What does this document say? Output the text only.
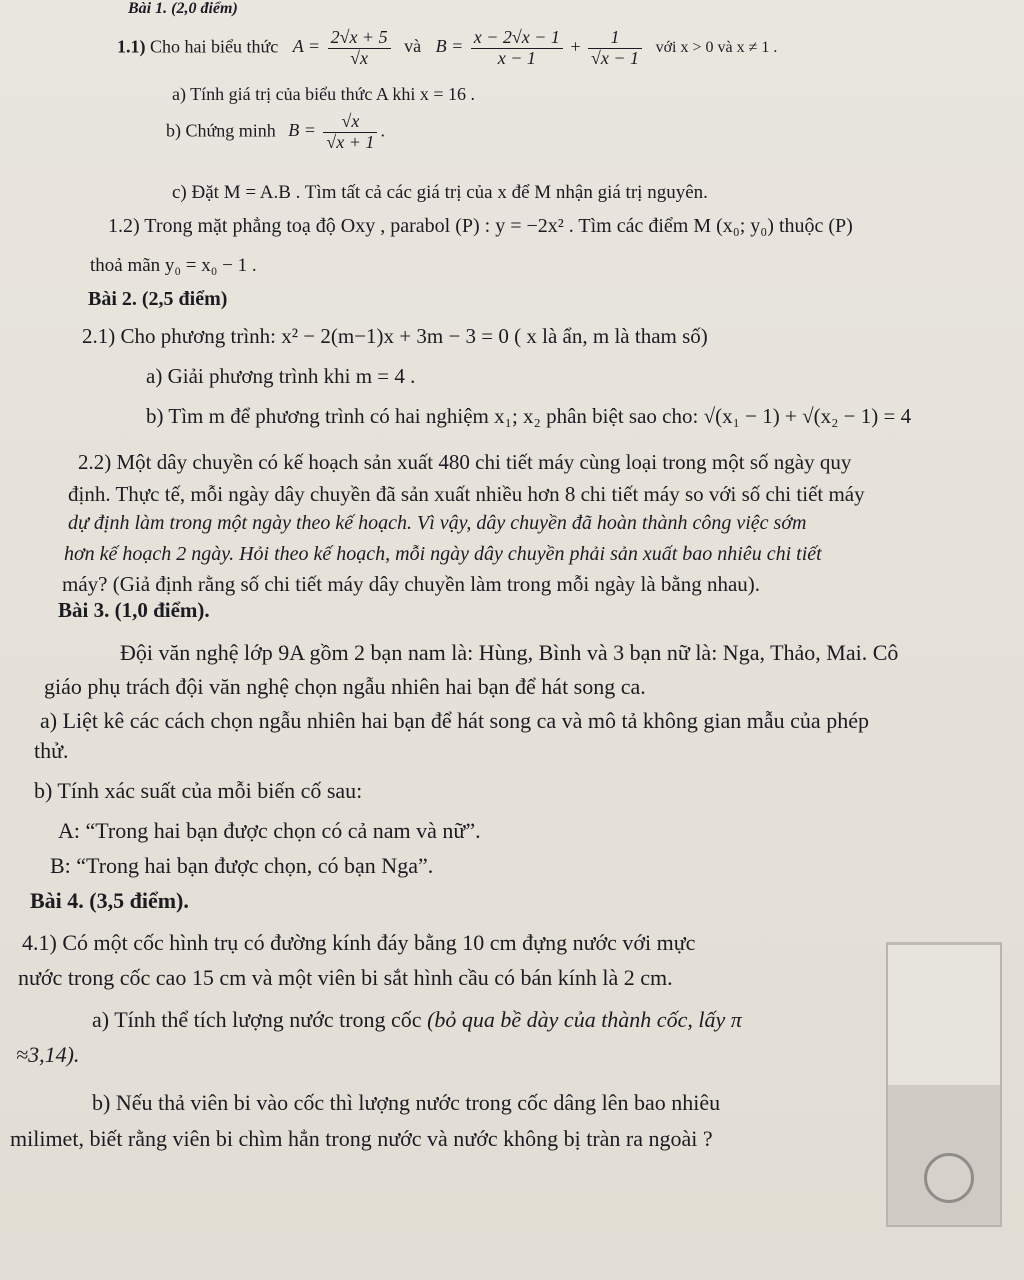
Bài 1. (2,0 điểm)
1.1) Cho hai biểu thức $A = \frac{2√x + 5}{√x}$ và $B = \frac{x - 2√x - 1}{x - 1} + \frac{1}{√x - 1}$ với x > 0 và x ≠ 1 .
a) Tính giá trị của biểu thức A khi x = 16 .
b) Chứng minh $B = \frac{√x}{√x + 1}$ .
c) Đặt M = A.B . Tìm tất cả các giá trị của x để M nhận giá trị nguyên.
1.2) Trong mặt phẳng toạ độ Oxy , parabol (P) : y = −2x² . Tìm các điểm M (x₀; y₀) thuộc (P)
thoả mãn y₀ = x₀ − 1 .
Bài 2. (2,5 điểm)
2.1) Cho phương trình: x² − 2(m−1)x + 3m − 3 = 0 ( x là ẩn, m là tham số)
a) Giải phương trình khi m = 4 .
b) Tìm m để phương trình có hai nghiệm x₁; x₂ phân biệt sao cho: √(x₁ − 1) + √(x₂ − 1) = 4
2.2) Một dây chuyền có kế hoạch sản xuất 480 chi tiết máy cùng loại trong một số ngày quy
định. Thực tế, mỗi ngày dây chuyền đã sản xuất nhiều hơn 8 chi tiết máy so với số chi tiết máy
dự định làm trong một ngày theo kế hoạch. Vì vậy, dây chuyền đã hoàn thành công việc sớm
hơn kế hoạch 2 ngày. Hỏi theo kế hoạch, mỗi ngày dây chuyền phải sản xuất bao nhiêu chi tiết
máy? (Giả định rằng số chi tiết máy dây chuyền làm trong mỗi ngày là bằng nhau).
Bài 3. (1,0 điểm).
Đội văn nghệ lớp 9A gồm 2 bạn nam là: Hùng, Bình và 3 bạn nữ là: Nga, Thảo, Mai. Cô
giáo phụ trách đội văn nghệ chọn ngẫu nhiên hai bạn để hát song ca.
a) Liệt kê các cách chọn ngẫu nhiên hai bạn để hát song ca và mô tả không gian mẫu của phép
thử.
b) Tính xác suất của mỗi biến cố sau:
A: “Trong hai bạn được chọn có cả nam và nữ”.
B: “Trong hai bạn được chọn, có bạn Nga”.
Bài 4. (3,5 điểm).
4.1) Có một cốc hình trụ có đường kính đáy bằng 10 cm đựng nước với mực
nước trong cốc cao 15 cm và một viên bi sắt hình cầu có bán kính là 2 cm.
a) Tính thể tích lượng nước trong cốc (bỏ qua bề dày của thành cốc, lấy π
≈3,14).
b) Nếu thả viên bi vào cốc thì lượng nước trong cốc dâng lên bao nhiêu
milimet, biết rằng viên bi chìm hẳn trong nước và nước không bị tràn ra ngoài ?
